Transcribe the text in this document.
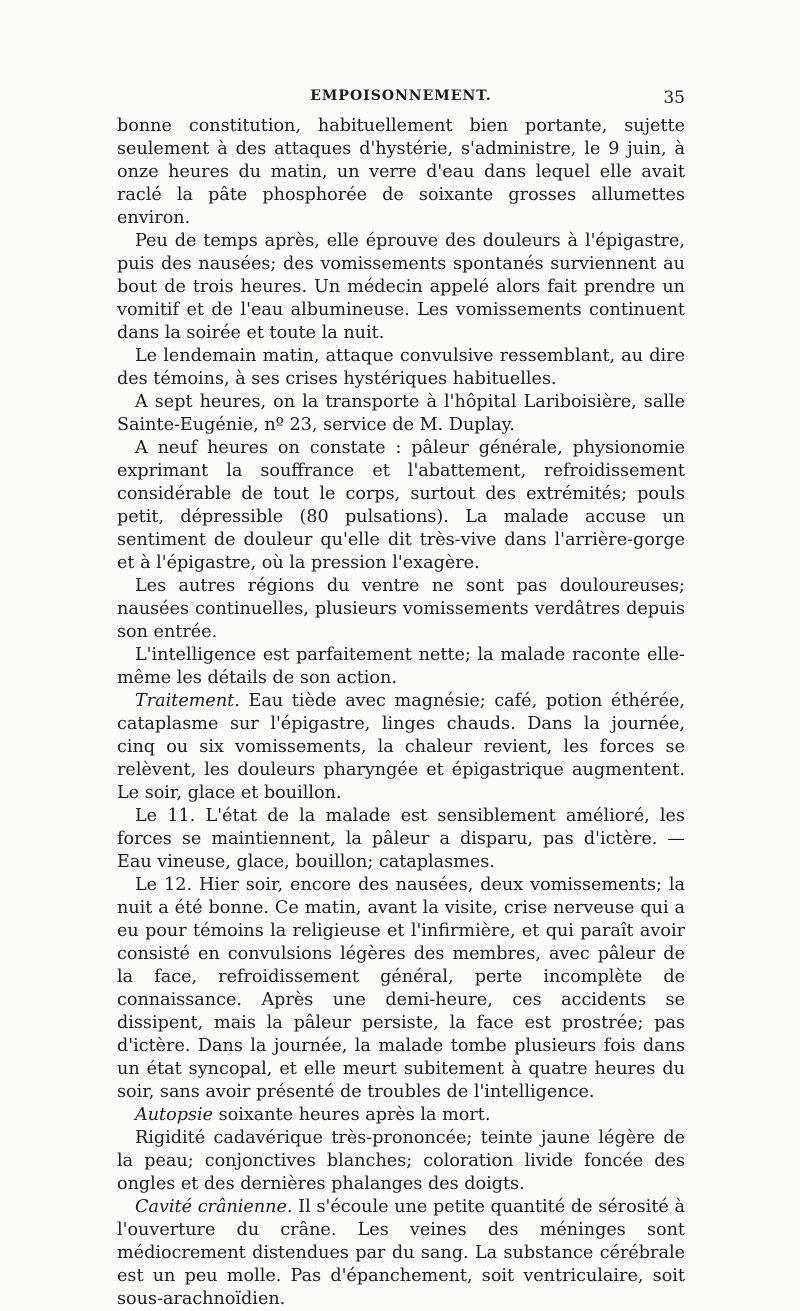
EMPOISONNEMENT.	35

bonne constitution, habituellement bien portante, sujette seulement à des attaques d'hystérie, s'administre, le 9 juin, à onze heures du matin, un verre d'eau dans lequel elle avait raclé la pâte phosphorée de soixante grosses allumettes environ.

Peu de temps après, elle éprouve des douleurs à l'épigastre, puis des nausées; des vomissements spontanés surviennent au bout de trois heures. Un médecin appelé alors fait prendre un vomitif et de l'eau albumineuse. Les vomissements continuent dans la soirée et toute la nuit.

Le lendemain matin, attaque convulsive ressemblant, au dire des témoins, à ses crises hystériques habituelles.

A sept heures, on la transporte à l'hôpital Lariboisière, salle Sainte-Eugénie, nº 23, service de M. Duplay.

A neuf heures on constate : pâleur générale, physionomie exprimant la souffrance et l'abattement, refroidissement considérable de tout le corps, surtout des extrémités; pouls petit, dépressible (80 pulsations). La malade accuse un sentiment de douleur qu'elle dit très-vive dans l'arrière-gorge et à l'épigastre, où la pression l'exagère.

Les autres régions du ventre ne sont pas douloureuses; nausées continuelles, plusieurs vomissements verdâtres depuis son entrée.

L'intelligence est parfaitement nette; la malade raconte elle-même les détails de son action.

Traitement. Eau tiède avec magnésie; café, potion éthérée, cataplasme sur l'épigastre, linges chauds. Dans la journée, cinq ou six vomissements, la chaleur revient, les forces se relèvent, les douleurs pharyngée et épigastrique augmentent. Le soir, glace et bouillon.

Le 11. L'état de la malade est sensiblement amélioré, les forces se maintiennent, la pâleur a disparu, pas d'ictère. — Eau vineuse, glace, bouillon; cataplasmes.

Le 12. Hier soir, encore des nausées, deux vomissements; la nuit a été bonne. Ce matin, avant la visite, crise nerveuse qui a eu pour témoins la religieuse et l'infirmière, et qui paraît avoir consisté en convulsions légères des membres, avec pâleur de la face, refroidissement général, perte incomplète de connaissance. Après une demi-heure, ces accidents se dissipent, mais la pâleur persiste, la face est prostrée; pas d'ictère. Dans la journée, la malade tombe plusieurs fois dans un état syncopal, et elle meurt subitement à quatre heures du soir, sans avoir présenté de troubles de l'intelligence.

Autopsie soixante heures après la mort.

Rigidité cadavérique très-prononcée; teinte jaune légère de la peau; conjonctives blanches; coloration livide foncée des ongles et des dernières phalanges des doigts.

Cavité crânienne. Il s'écoule une petite quantité de sérosité à l'ouverture du crâne. Les veines des méninges sont médiocrement distendues par du sang. La substance cérébrale est un peu molle. Pas d'épanchement, soit ventriculaire, soit sous-arachnoïdien.
